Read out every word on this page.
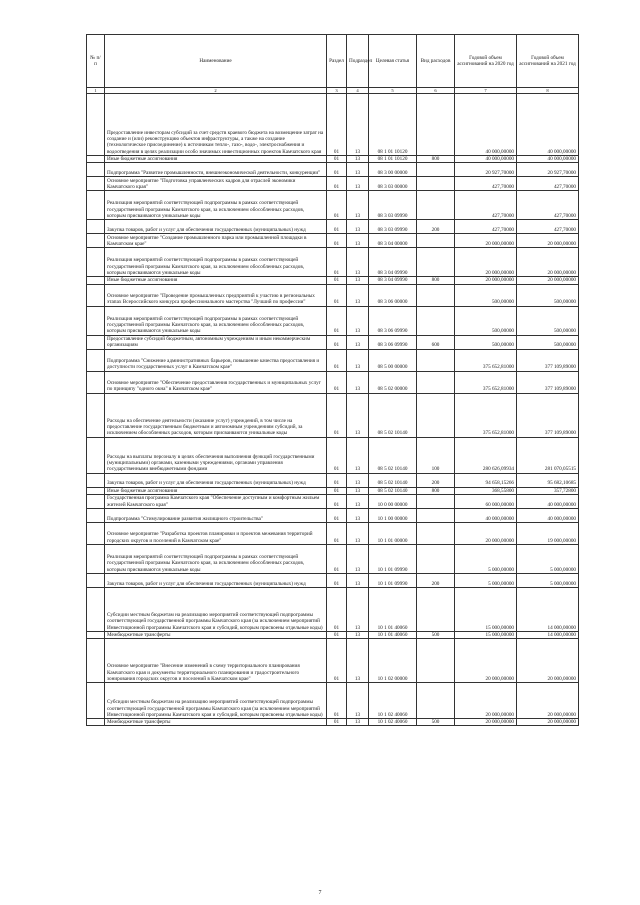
№ п/п	Наименование	Раздел	Подраздел	Целевая статья	Вид расходов	Годовой объем ассигнований на 2020 год	Годовой объем ассигнований на 2021 год
1	2	3	4	5	6	7	8
	Предоставление инвесторам субсидий за счет средств краевого бюджета на возмещение затрат на создание и (или) реконструкцию объектов инфраструктуры, а также на создание (технологическое присоединение) к источникам тепло-, газо-, водо-, электроснабжения и водоотведения в целях реализации особо значимых инвестиционных проектов Камчатского края	01	13	08 1 01 10120		40 000,00000	40 000,00000
	Иные бюджетные ассигнования	01	13	08 1 01 10120	800	40 000,00000	40 000,00000
	Подпрограмма "Развитие промышленности, внешнеэкономической деятельности, конкуренции"	01	13	08 3 00 00000		20 927,70000	20 927,70000
	Основное мероприятие "Подготовка управленческих кадров для отраслей экономики Камчатского края"	01	13	08 3 03 00000		427,70000	427,70000
	Реализация мероприятий соответствующей подпрограммы в рамках соответствующей государственной программы Камчатского края, за исключением обособленных расходов, которым присваиваются уникальные коды	01	13	08 3 03 09990		427,70000	427,70000
	Закупка товаров, работ и услуг для обеспечения государственных (муниципальных) нужд	01	13	08 3 03 09990	200	427,70000	427,70000
	Основное мероприятие "Создание промышленного парка или промышленной площадки в Камчатском крае"	01	13	08 3 04 00000		20 000,00000	20 000,00000
	Реализация мероприятий соответствующей подпрограммы в рамках соответствующей государственной программы Камчатского края, за исключением обособленных расходов, которым присваиваются уникальные коды	01	13	08 3 04 09990		20 000,00000	20 000,00000
	Иные бюджетные ассигнования	01	13	08 3 04 09990	800	20 000,00000	20 000,00000
	Основное мероприятие "Проведение промышленных предприятий к участию в региональных этапах Всероссийского конкурса профессионального мастерства "Лучший по профессии"	01	13	08 3 06 00000		500,00000	500,00000
	Реализация мероприятий соответствующей подпрограммы в рамках соответствующей государственной программы Камчатского края, за исключением обособленных расходов, которым присваиваются уникальные коды	01	13	08 3 06 09990		500,00000	500,00000
	Предоставление субсидий бюджетным, автономным учреждениям и иным некоммерческим организациям	01	13	08 3 06 09990	600	500,00000	500,00000
	Подпрограмма "Снижение административных барьеров, повышение качества предоставления и доступности государственных услуг в Камчатском крае"	01	13	08 5 00 00000		375 652,81000	377 109,89000
	Основное мероприятие "Обеспечение предоставления государственных и муниципальных услуг по принципу "одного окна" в Камчатском крае"	01	13	08 5 02 00000		375 652,81000	377 109,89000
	Расходы на обеспечение деятельности (оказание услуг) учреждений, в том числе на предоставление государственным бюджетным и автономным учреждениям субсидий, за исключением обособленных расходов, которым присваиваются уникальные коды	01	13	08 5 02 10140		375 652,81000	377 109,89000
	Расходы на выплаты персоналу в целях обеспечения выполнения функций государственными (муниципальными) органами, казенными учреждениями, органами управления государственными внебюджетными фондами	01	13	08 5 02 10140	100	280 626,09934	281 070,05515
	Закупка товаров, работ и услуг для обеспечения государственных (муниципальных) нужд	01	13	08 5 02 10140	200	94 658,15266	95 682,10685
	Иные бюджетные ассигнования	01	13	08 5 02 10140	800	368,55800	357,72800
	Государственная программа Камчатского края "Обеспечение доступным и комфортным жильем жителей Камчатского края"	01	13	10 0 00 00000		60 000,00000	40 000,00000
	Подпрограмма "Стимулирование развития жилищного строительства"	01	13	10 1 00 00000		40 000,00000	40 000,00000
	Основное мероприятие "Разработка проектов планировки и проектов межевания территорий городских округов и поселений в Камчатском крае"	01	13	10 1 01 00000		20 000,00000	19 000,00000
	Реализация мероприятий соответствующей подпрограммы в рамках соответствующей государственной программы Камчатского края, за исключением обособленных расходов, которым присваиваются уникальные коды	01	13	10 1 01 09990		5 000,00000	5 000,00000
	Закупка товаров, работ и услуг для обеспечения государственных (муниципальных) нужд	01	13	10 1 01 09990	200	5 000,00000	5 000,00000
	Субсидии местным бюджетам на реализацию мероприятий соответствующей подпрограммы соответствующей государственной программы Камчатского края (за исключением мероприятий Инвестиционной программы Камчатского края и субсидий, которым присвоены отдельные коды)	01	13	10 1 01 40060		15 000,00000	14 000,00000
	Межбюджетные трансферты	01	13	10 1 01 40060	500	15 000,00000	14 000,00000
	Основное мероприятие "Внесение изменений в схему территориального планирования Камчатского края и документы территориального планирования и градостроительного зонирования городских округов и поселений в Камчатском крае"	01	13	10 1 02 00000		20 000,00000	20 000,00000
	Субсидии местным бюджетам на реализацию мероприятий соответствующей подпрограммы соответствующей государственной программы Камчатского края (за исключением мероприятий Инвестиционной программы Камчатского края и субсидий, которым присвоены отдельные коды)	01	13	10 1 02 40060		20 000,00000	20 000,00000
	Межбюджетные трансферты	01	13	10 1 02 40060	500	20 000,00000	20 000,00000
7
